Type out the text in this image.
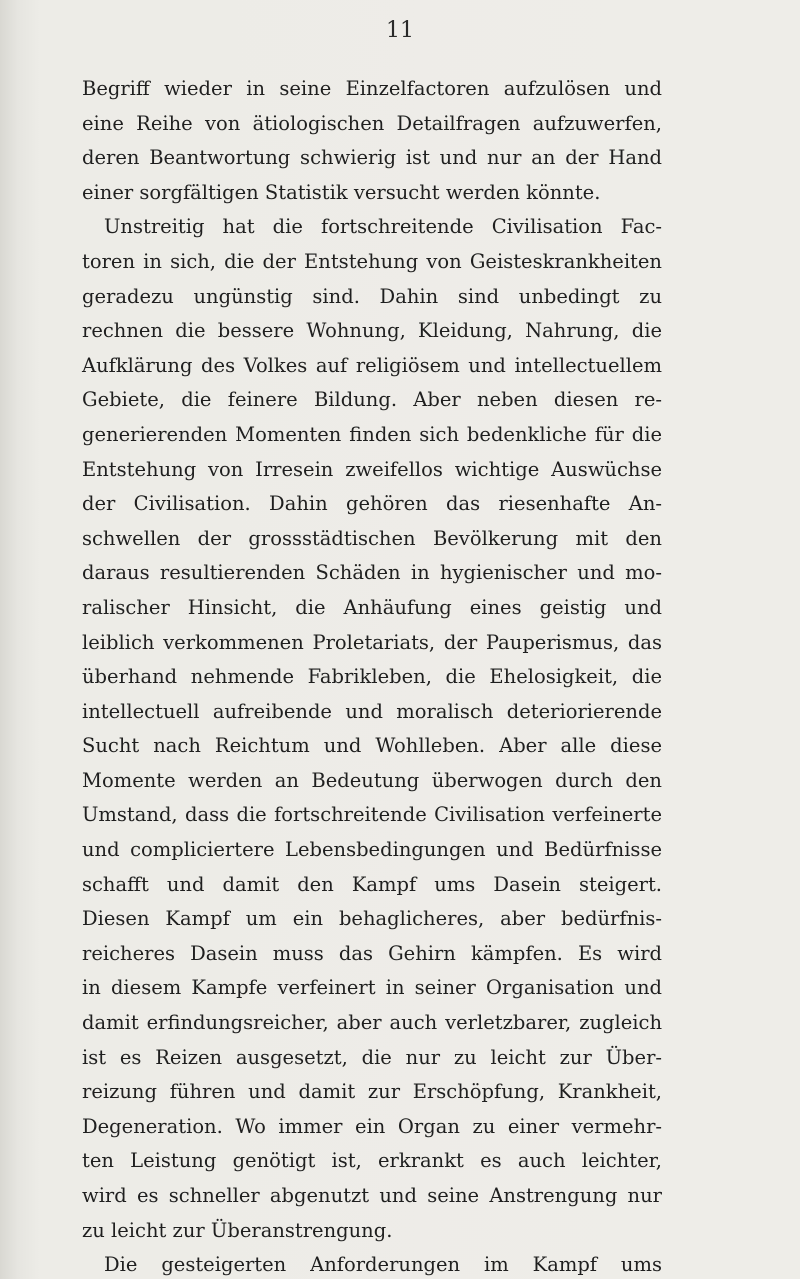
11
Begriff wieder in seine Einzelfactoren aufzulösen und
eine Reihe von ätiologischen Detailfragen aufzuwerfen,
deren Beantwortung schwierig ist und nur an der Hand
einer sorgfältigen Statistik versucht werden könnte.
Unstreitig hat die fortschreitende Civilisation Fac-
toren in sich, die der Entstehung von Geisteskrankheiten
geradezu ungünstig sind. Dahin sind unbedingt zu
rechnen die bessere Wohnung, Kleidung, Nahrung, die
Aufklärung des Volkes auf religiösem und intellectuellem
Gebiete, die feinere Bildung. Aber neben diesen re-
generierenden Momenten finden sich bedenkliche für die
Entstehung von Irresein zweifellos wichtige Auswüchse
der Civilisation. Dahin gehören das riesenhafte An-
schwellen der grossstädtischen Bevölkerung mit den
daraus resultierenden Schäden in hygienischer und mo-
ralischer Hinsicht, die Anhäufung eines geistig und
leiblich verkommenen Proletariats, der Pauperismus, das
überhand nehmende Fabrikleben, die Ehelosigkeit, die
intellectuell aufreibende und moralisch deteriorierende
Sucht nach Reichtum und Wohlleben. Aber alle diese
Momente werden an Bedeutung überwogen durch den
Umstand, dass die fortschreitende Civilisation verfeinerte
und compliciertere Lebensbedingungen und Bedürfnisse
schafft und damit den Kampf ums Dasein steigert.
Diesen Kampf um ein behaglicheres, aber bedürfnis-
reicheres Dasein muss das Gehirn kämpfen. Es wird
in diesem Kampfe verfeinert in seiner Organisation und
damit erfindungsreicher, aber auch verletzbarer, zugleich
ist es Reizen ausgesetzt, die nur zu leicht zur Über-
reizung führen und damit zur Erschöpfung, Krankheit,
Degeneration. Wo immer ein Organ zu einer vermehr-
ten Leistung genötigt ist, erkrankt es auch leichter,
wird es schneller abgenutzt und seine Anstrengung nur
zu leicht zur Überanstrengung.
Die gesteigerten Anforderungen im Kampf ums
